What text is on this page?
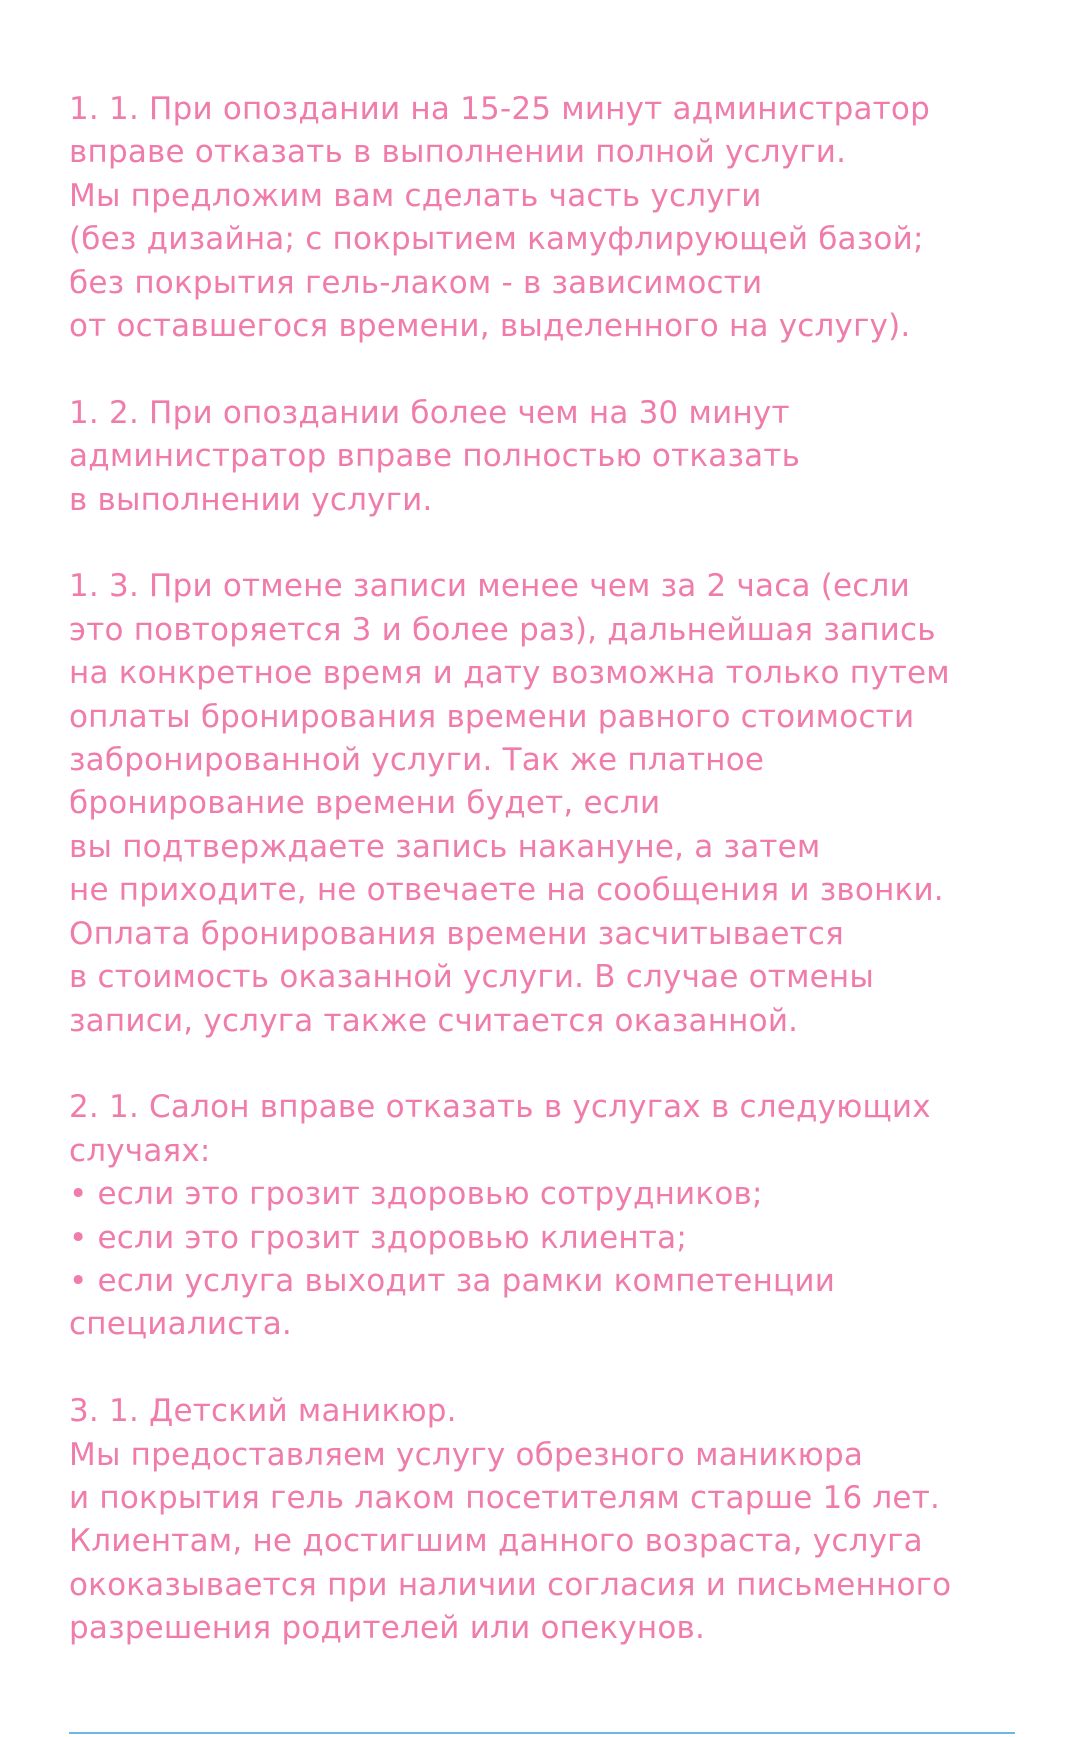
1. 1. При опоздании на 15-25 минут администратор
вправе отказать в выполнении полной услуги.
Мы предложим вам сделать часть услуги
(без дизайна; с покрытием камуфлирующей базой;
без покрытия гель-лаком - в зависимости
от оставшегося времени, выделенного на услугу).
1. 2. При опоздании более чем на 30 минут
администратор вправе полностью отказать
в выполнении услуги.
1. 3. При отмене записи менее чем за 2 часа (если
это повторяется 3 и более раз), дальнейшая запись
на конкретное время и дату возможна только путем
оплаты бронирования времени равного стоимости
забронированной услуги. Так же платное
бронирование времени будет, если
вы подтверждаете запись накануне, а затем
не приходите, не отвечаете на сообщения и звонки.
Оплата бронирования времени засчитывается
в стоимость оказанной услуги. В случае отмены
записи, услуга также считается оказанной.
2. 1. Салон вправе отказать в услугах в следующих
случаях:
• если это грозит здоровью сотрудников;
• если это грозит здоровью клиента;
• если услуга выходит за рамки компетенции
специалиста.
3. 1. Детский маникюр.
Мы предоставляем услугу обрезного маникюра
и покрытия гель лаком посетителям старше 16 лет.
Клиентам, не достигшим данного возраста, услуга
ококазывается при наличии согласия и письменного
разрешения родителей или опекунов.
